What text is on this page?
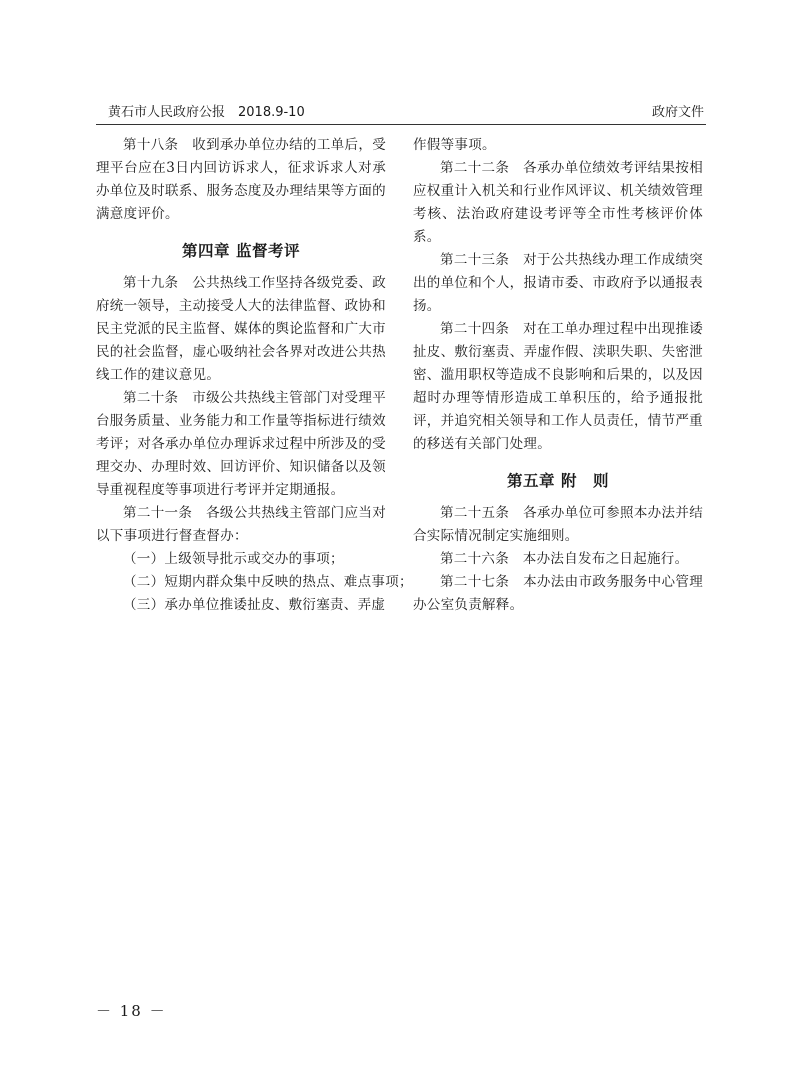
黄石市人民政府公报　2018.9-10	政府文件

第十八条　收到承办单位办结的工单后，受理平台应在3日内回访诉求人，征求诉求人对承办单位及时联系、服务态度及办理结果等方面的满意度评价。

第四章 监督考评

第十九条　公共热线工作坚持各级党委、政府统一领导，主动接受人大的法律监督、政协和民主党派的民主监督、媒体的舆论监督和广大市民的社会监督，虚心吸纳社会各界对改进公共热线工作的建议意见。

第二十条　市级公共热线主管部门对受理平台服务质量、业务能力和工作量等指标进行绩效考评；对各承办单位办理诉求过程中所涉及的受理交办、办理时效、回访评价、知识储备以及领导重视程度等事项进行考评并定期通报。

第二十一条　各级公共热线主管部门应当对以下事项进行督查督办：

（一）上级领导批示或交办的事项；

（二）短期内群众集中反映的热点、难点事项；

（三）承办单位推诿扯皮、敷衍塞责、弄虚

作假等事项。

第二十二条　各承办单位绩效考评结果按相应权重计入机关和行业作风评议、机关绩效管理考核、法治政府建设考评等全市性考核评价体系。

第二十三条　对于公共热线办理工作成绩突出的单位和个人，报请市委、市政府予以通报表扬。

第二十四条　对在工单办理过程中出现推诿扯皮、敷衍塞责、弄虚作假、渎职失职、失密泄密、滥用职权等造成不良影响和后果的，以及因超时办理等情形造成工单积压的，给予通报批评，并追究相关领导和工作人员责任，情节严重的移送有关部门处理。

第五章 附　则

第二十五条　各承办单位可参照本办法并结合实际情况制定实施细则。

第二十六条　本办法自发布之日起施行。

第二十七条　本办法由市政务服务中心管理办公室负责解释。

－ 18 －
